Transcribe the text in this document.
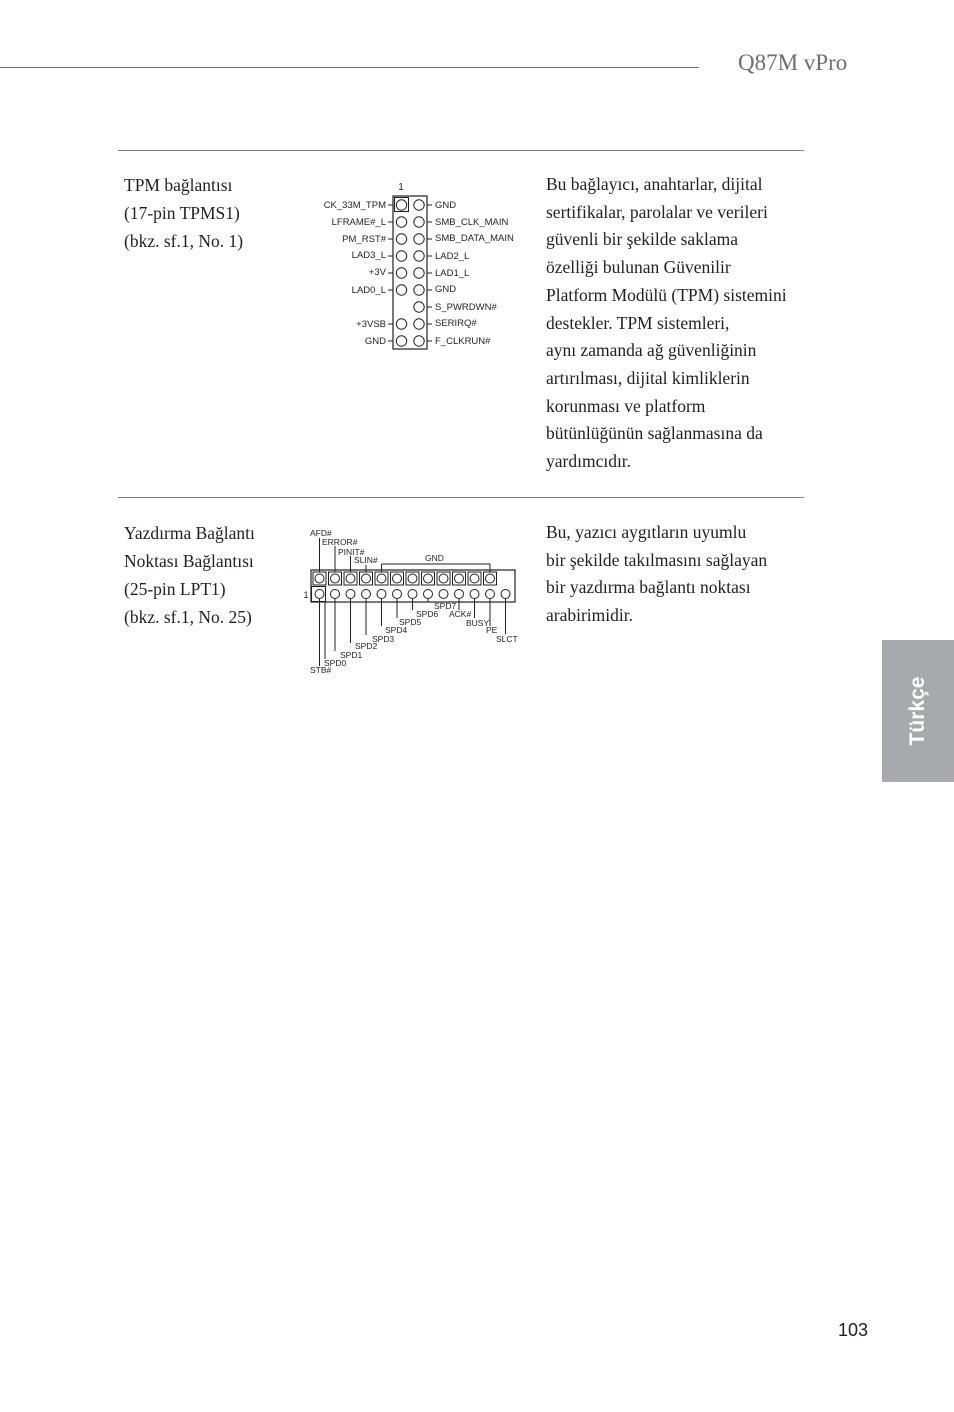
Q87M vPro
TPM bağlantısı
(17-pin TPMS1)
(bkz. sf.1, No. 1)
Bu bağlayıcı, anahtarlar, dijital
sertifikalar, parolalar ve verileri
güvenli bir şekilde saklama
özelliği bulunan Güvenilir
Platform Modülü (TPM) sistemini
destekler. TPM sistemleri,
aynı zamanda ağ güvenliğinin
artırılması, dijital kimliklerin
korunması ve platform
bütünlüğünün sağlanmasına da
yardımcıdır.
1
CK_33M_TPM
LFRAME#_L
PM_RST#
LAD3_L
+3V
LAD0_L
+3VSB
GND
GND
SMB_CLK_MAIN
SMB_DATA_MAIN
LAD2_L
LAD1_L
GND
S_PWRDWN#
SERIRQ#
F_CLKRUN#
Yazdırma Bağlantı
Noktası Bağlantısı
(25-pin LPT1)
(bkz. sf.1, No. 25)
Bu, yazıcı aygıtların uyumlu
bir şekilde takılmasını sağlayan
bir yazdırma bağlantı noktası
arabirimidir.
1
AFD#
ERROR#
PINIT#
SLIN#	GND
SPD7
SPD6 ACK#
SPD5	BUSY
SPD4	PE
SPD3	SLCT
SPD2
SPD1
SPD0
STB#
Türkçe
103
